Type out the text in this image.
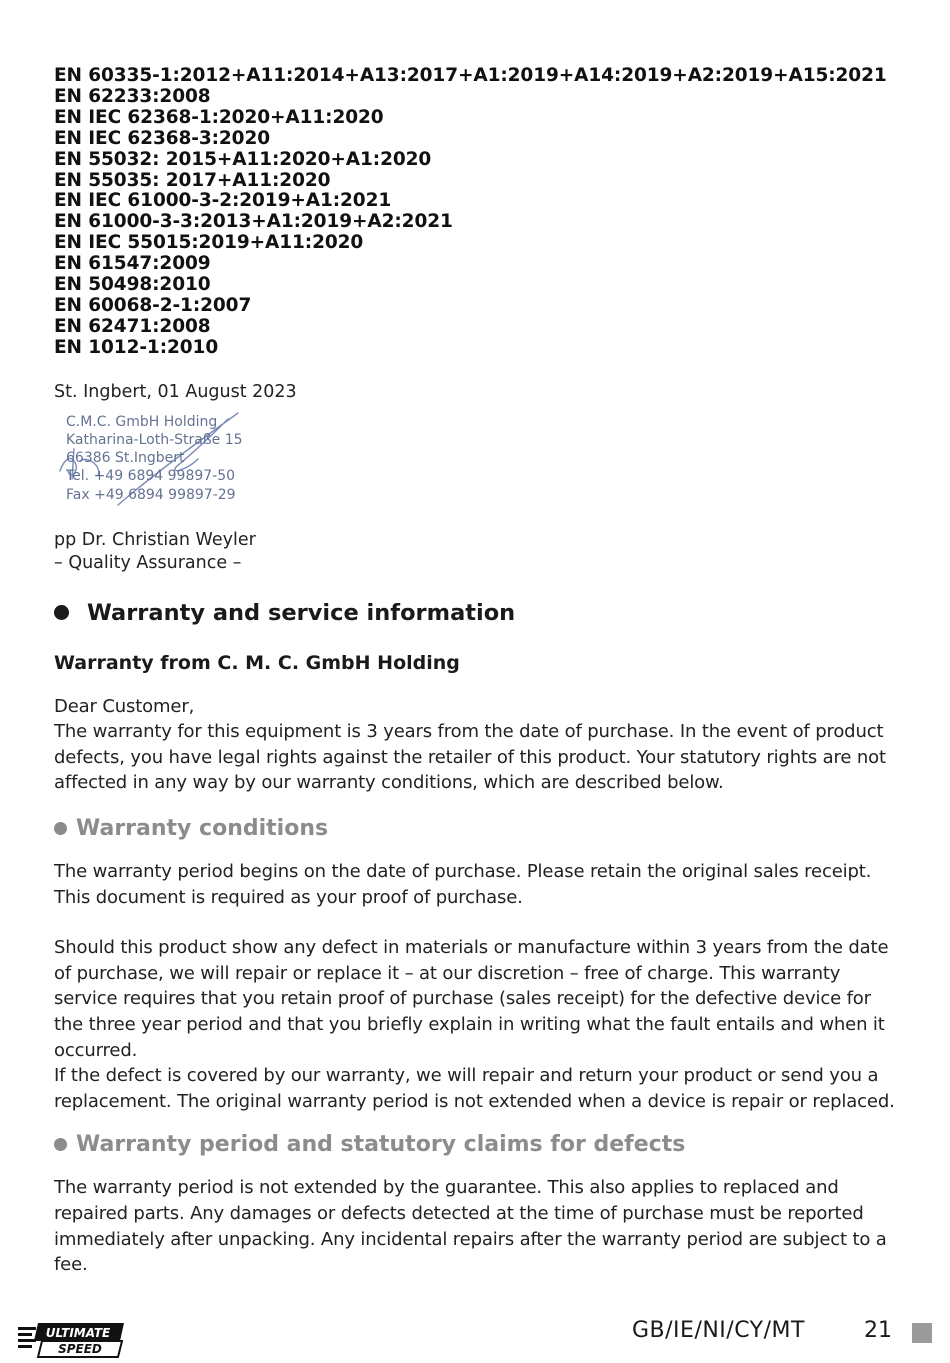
EN 60335-1:2012+A11:2014+A13:2017+A1:2019+A14:2019+A2:2019+A15:2021
EN 62233:2008
EN IEC 62368-1:2020+A11:2020
EN IEC 62368-3:2020
EN 55032: 2015+A11:2020+A1:2020
EN 55035: 2017+A11:2020
EN IEC 61000-3-2:2019+A1:2021
EN 61000-3-3:2013+A1:2019+A2:2021
EN IEC 55015:2019+A11:2020
EN 61547:2009
EN 50498:2010
EN 60068-2-1:2007
EN 62471:2008
EN 1012-1:2010
St. Ingbert, 01 August 2023
C.M.C. GmbH Holding
Katharina-Loth-Straße 15
66386 St.Ingbert
Tel. +49 6894 99897-50
Fax +49 6894 99897-29
pp Dr. Christian Weyler
– Quality Assurance –
Warranty and service information
Warranty from C. M. C. GmbH Holding
Dear Customer,
The warranty for this equipment is 3 years from the date of purchase. In the event of product defects, you have legal rights against the retailer of this product. Your statutory rights are not affected in any way by our warranty conditions, which are described below.
Warranty conditions
The warranty period begins on the date of purchase. Please retain the original sales receipt. This document is required as your proof of purchase.
Should this product show any defect in materials or manufacture within 3 years from the date of purchase, we will repair or replace it – at our discretion – free of charge. This warranty service requires that you retain proof of purchase (sales receipt) for the defective device for the three year period and that you briefly explain in writing what the fault entails and when it occurred.
If the defect is covered by our warranty, we will repair and return your product or send you a replacement. The original warranty period is not extended when a device is repair or replaced.
Warranty period and statutory claims for defects
The warranty period is not extended by the guarantee. This also applies to replaced and repaired parts. Any damages or defects detected at the time of purchase must be reported immediately after unpacking. Any incidental repairs after the warranty period are subject to a fee.
ULTIMATE
SPEED
GB/IE/NI/CY/MT	21
